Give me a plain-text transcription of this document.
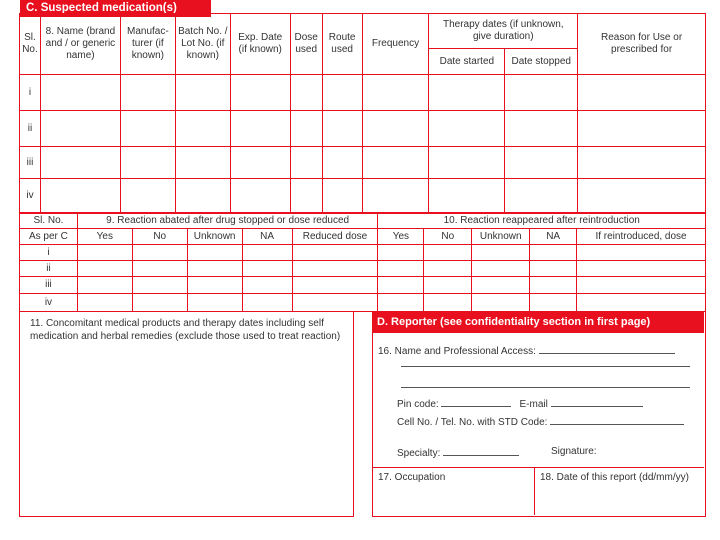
C. Suspected medication(s)
Sl. No.	8. Name (brand and / or generic name)	Manufac-turer (if known)	Batch No. / Lot No. (if known)	Exp. Date (if known)	Dose used	Route used	Frequency	Therapy dates (if unknown, give duration)		Reason for Use or prescribed for
								Date started	Date stopped	
i										
ii										
iii										
iv										
Sl. No.	9. Reaction abated after drug stopped or dose reduced					10. Reaction reappeared after reintroduction				
As per C	Yes	No	Unknown	NA	Reduced dose	Yes	No	Unknown	NA	If reintroduced, dose
i										
ii										
iii										
iv										
11. Concomitant medical products and therapy dates including self medication and herbal remedies (exclude those used to treat reaction)
D. Reporter (see confidentiality section in first page)
16. Name and Professional Access:
Pin code:	E-mail
Cell No. / Tel. No. with STD Code:
Specialty:	Signature:
17. Occupation	18. Date of this report (dd/mm/yy)
